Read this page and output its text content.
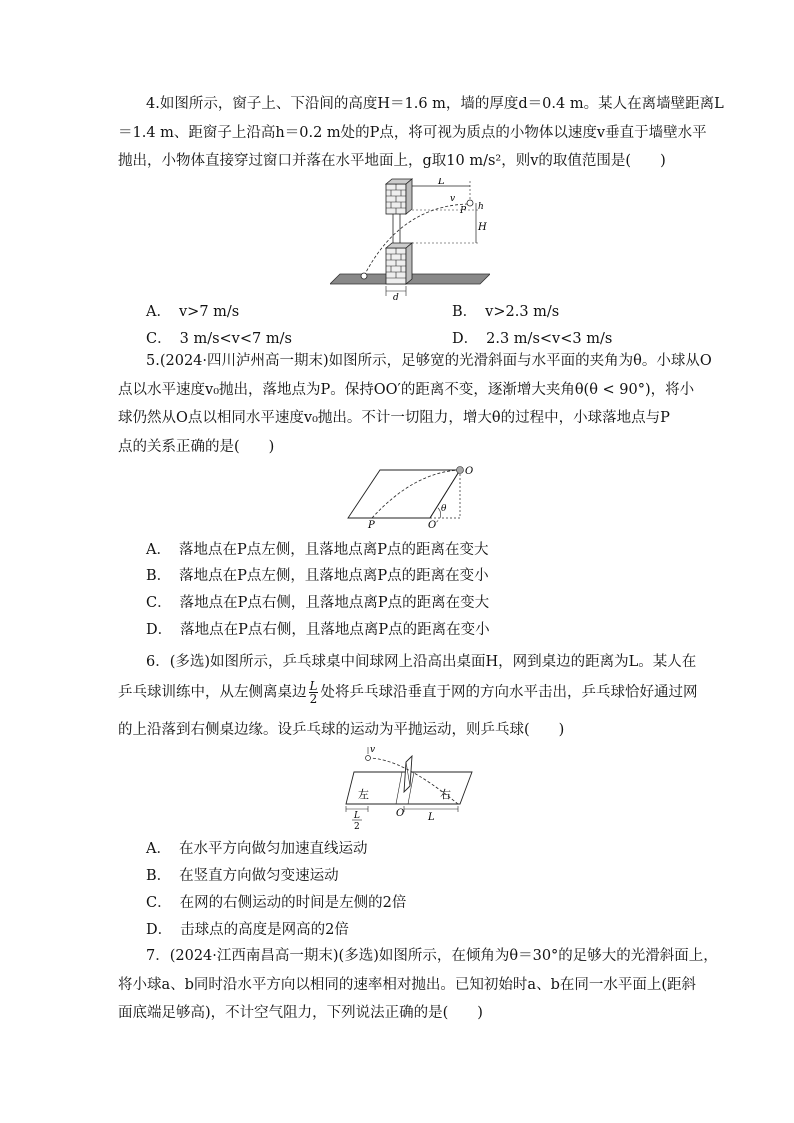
4.如图所示，窗子上、下沿间的高度H＝1.6 m，墙的厚度d＝0.4 m。某人在离墙壁距离L
＝1.4 m、距窗子上沿高h＝0.2 m处的P点，将可视为质点的小物体以速度v垂直于墙壁水平
抛出，小物体直接穿过窗口并落在水平地面上，g取10 m/s²，则v的取值范围是(　　)
L
v
P h
H
d
A． v>7 m/s	B． v>2.3 m/s
C． 3 m/s<v<7 m/s	D． 2.3 m/s<v<3 m/s
5.(2024·四川泸州高一期末)如图所示，足够宽的光滑斜面与水平面的夹角为θ。小球从O
点以水平速度v₀抛出，落地点为P。保持OO′的距离不变，逐渐增大夹角θ(θ < 90°)，将小
球仍然从O点以相同水平速度v₀抛出。不计一切阻力，增大θ的过程中，小球落地点与P
点的关系正确的是(　　)
O
P	O′
θ
A． 落地点在P点左侧，且落地点离P点的距离在变大
B． 落地点在P点左侧，且落地点离P点的距离在变小
C． 落地点在P点右侧，且落地点离P点的距离在变大
D． 落地点在P点右侧，且落地点离P点的距离在变小
6．(多选)如图所示，乒乓球桌中间球网上沿高出桌面H，网到桌边的距离为L。某人在
乒乓球训练中，从左侧离桌边 $\frac{L}{2}$ 处将乒乓球沿垂直于网的方向水平击出，乒乓球恰好通过网
的上沿落到右侧桌边缘。设乒乓球的运动为平抛运动，则乒乓球(　　)
v
左	右
O L
L
2
A． 在水平方向做匀加速直线运动
B． 在竖直方向做匀变速运动
C． 在网的右侧运动的时间是左侧的2倍
D． 击球点的高度是网高的2倍
7．(2024·江西南昌高一期末)(多选)如图所示，在倾角为θ＝30°的足够大的光滑斜面上，
将小球a、b同时沿水平方向以相同的速率相对抛出。已知初始时a、b在同一水平面上(距斜
面底端足够高)，不计空气阻力，下列说法正确的是(　　)
